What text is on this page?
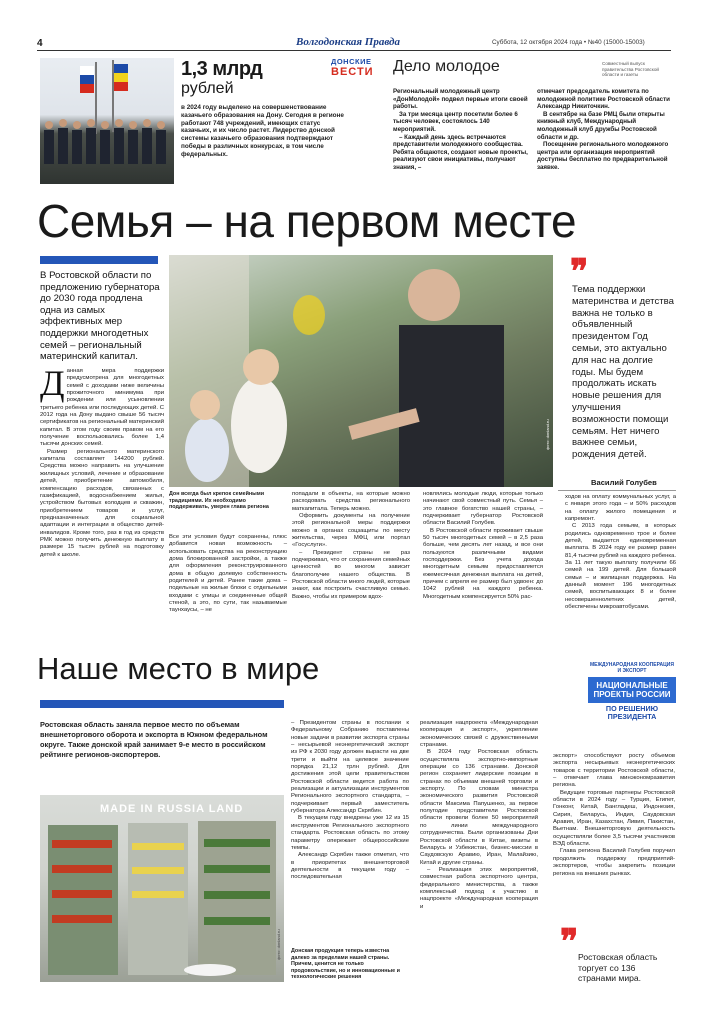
4	Волгодонская Правда	Суббота, 12 октября 2024 года • №40 (15000-15003)
1,3 млрд
рублей
в 2024 году выделено на совершенствование казачьего образования на Дону. Сегодня в регионе работают 748 учреждений, имеющих статус казачьих, и их число растет. Лидерство донской системы казачьего образования подтверждают победы в различных конкурсах, в том числе федеральных.
ДОНСКИЕ
ВЕСТИ	Дело молодое	Совместный выпуск правительства Ростовской области и газеты
Региональный молодежный центр «ДонМолодой» подвел первые итоги своей работы.
За три месяца центр посетили более 6 тысяч человек, состоялось 140 мероприятий.
– Каждый день здесь встречаются представители молодежного сообщества. Ребята общаются, создают новые проекты, реализуют свои инициативы, получают знания, –
отмечает председатель комитета по молодежной политике Ростовской области Александр Никиточкин.
В сентябре на базе РМЦ были открыты книжный клуб, Международный молодежный клуб дружбы Ростовской области и др.
Посещение регионального молодежного центра или организация мероприятий доступны бесплатно по предварительной заявке.
Семья – на первом месте
В Ростовской области по предложению губернатора до 2030 года продлена одна из самых эффективных мер поддержки многодетных семей – региональный материнский капитал.

Данная мера поддержки предусмотрена для многодетных семей с доходами ниже величины прожиточного минимума при рождении или усыновлении третьего ребенка или последующих детей. С 2012 года на Дону выдано свыше 56 тысяч сертификатов на региональный материнский капитал. В этом году своим правом на его получение воспользовались более 1,4 тысячи донских семей.

Размер регионального материнского капитала составляет 144200 рублей. Средства можно направить на улучшение жилищных условий, лечение и образование детей, приобретение автомобиля, компенсацию расходов, связанных с газификацией, водоснабжением жилья, устройством бытовых колодцев и скважин, приобретением товаров и услуг, предназначенных для социальной адаптации и интеграции в общество детей-инвалидов. Кроме того, раз в год из средств РМК можно получить денежную выплату в размере 15 тысяч рублей на подготовку детей к школе.

Дон всегда был крепок семейными традициями. Их необходимо поддерживать, уверен глава региона
фото: donland.ru

Все эти условия будут сохранены, плюс добавится новая возможность – использовать средства на реконструкцию дома блокированной застройки, а также для оформления реконструированного дома в общую долевую собственность родителей и детей. Ранее такие дома – подельные на жилые блоки с отдельными входами с улицы и соединенные общей стеной, а это, по сути, так называемые таунхаусы, – не

попадали в объекты, на которые можно расходовать средства регионального маткапитала. Теперь можно.

Оформить документы на получение этой региональной меры поддержки можно в органах соцзащиты по месту жительства, через МФЦ или портал «Госуслуги».

– Президент страны не раз подчеркивал, что от сохранения семейных ценностей во многом зависит благополучие нашего общества. В Ростовской области много людей, которые знают, как построить счастливую семью. Важно, чтобы их примером вдох-

новлялись молодые люди, которые только начинают свой совместный путь. Семья – это главное богатство нашей страны, – подчеркивает губернатор Ростовской области Василий Голубев.

В Ростовской области проживает свыше 50 тысяч многодетных семей – в 2,5 раза больше, чем десять лет назад, и все они пользуются различными видами господдержки. Без учета дохода многодетным семьям предоставляется ежемесячная денежная выплата на детей, причем с апреля ее размер был удвоен: до 1042 рублей на каждого ребенка. Многодетным компенсируется 50% рас-

❞
Тема поддержки материнства и детства важна не только в объявленный президентом Год семьи, это актуально для нас на долгие годы. Мы будем продолжать искать новые решения для улучшения возможности помощи семьям. Нет ничего важнее семьи, рождения детей.
Василий Голубев

ходов на оплату коммунальных услуг, а с января этого года – и 50% расходов на оплату жилого помещения и капремонт.

С 2013 года семьям, в которых родились одновременно трое и более детей, выдается единовременная выплата. В 2024 году ее размер равен 81,4 тысячи рублей на каждого ребенка. За 11 лет такую выплату получили 66 семей на 199 детей. Для большой семьи – и жилищная поддержка. На данный момент 196 многодетных семей, воспитывающих 8 и более несовершеннолетних детей, обеспечены микроавтобусами.

Наше место в мире	МЕЖДУНАРОДНАЯ КООПЕРАЦИЯ И ЭКСПОРТ
НАЦИОНАЛЬНЫЕ ПРОЕКТЫ РОССИИ
ПО РЕШЕНИЮ ПРЕЗИДЕНТА
Ростовская область заняла первое место по объемам внешнеторгового оборота и экспорта в Южном федеральном округе. Также донской край занимает 9-е место в российском рейтинге регионов-экспортеров.
MADE IN RUSSIA LAND
фото: donland.ru

– Президентом страны в послании к Федеральному Собранию поставлены новые задачи в развитии экспорта страны – несырьевой неэнергетический экспорт из РФ к 2030 году должен вырасти на две трети и выйти на целевое значение порядка 21,12 трлн рублей. Для достижения этой цели правительством Ростовской области ведется работа по реализации и актуализации инструментов Регионального экспортного стандарта, – подчеркивает первый заместитель губернатора Александр Скрябин.

В текущем году внедрены уже 12 из 15 инструментов Регионального экспортного стандарта. Ростовская область по этому параметру опережает общероссийские темпы.

Александр Скрябин также отметил, что в приоритетах внешнеторговой деятельности в текущем году – последовательная

Донская продукция теперь известна далеко за пределами нашей страны. Причем, ценится не только продовольствие, но и инновационные и технологические решения

реализация нацпроекта «Международная кооперация и экспорт», укрепление экономических связей с дружественными странами.

В 2024 году Ростовская область осуществляла экспортно-импортные операции со 136 странами. Донской регион сохраняет лидерские позиции в странах по объемам внешней торговли и экспорту. По словам министра экономического развития Ростовской области Максима Папушенко, за первое полугодие представители Ростовской области провели более 50 мероприятий по линии международного сотрудничества. Были организованы Дни Ростовской области в Китае, визиты в Беларусь и Узбекистан, бизнес-миссии в Саудовскую Аравию, Иран, Малайзию, Китай и другие страны.

– Реализация этих мероприятий, совместная работа экспортного центра, федерального министерства, а также комплексный подход к участию в нацпроекте «Международная кооперация и

экспорт» способствуют росту объемов экспорта несырьевых неэнергетических товаров с территории Ростовской области, – отмечает глава минэкономразвития региона.

Ведущие торговые партнеры Ростовской области в 2024 году – Турция, Египет, Гонконг, Китай, Бангладеш, Индонезия, Сирия, Беларусь, Индия, Саудовская Аравия, Иран, Казахстан, Ливия, Пакистан, Вьетнам. Внешнеторговую деятельность осуществляли более 3,5 тысячи участников ВЭД области.

Глава региона Василий Голубев поручил продолжить поддержку предприятий-экспортеров, чтобы закрепить позиции региона на внешних рынках.

❞ Ростовская область торгует со 136 странами мира.
